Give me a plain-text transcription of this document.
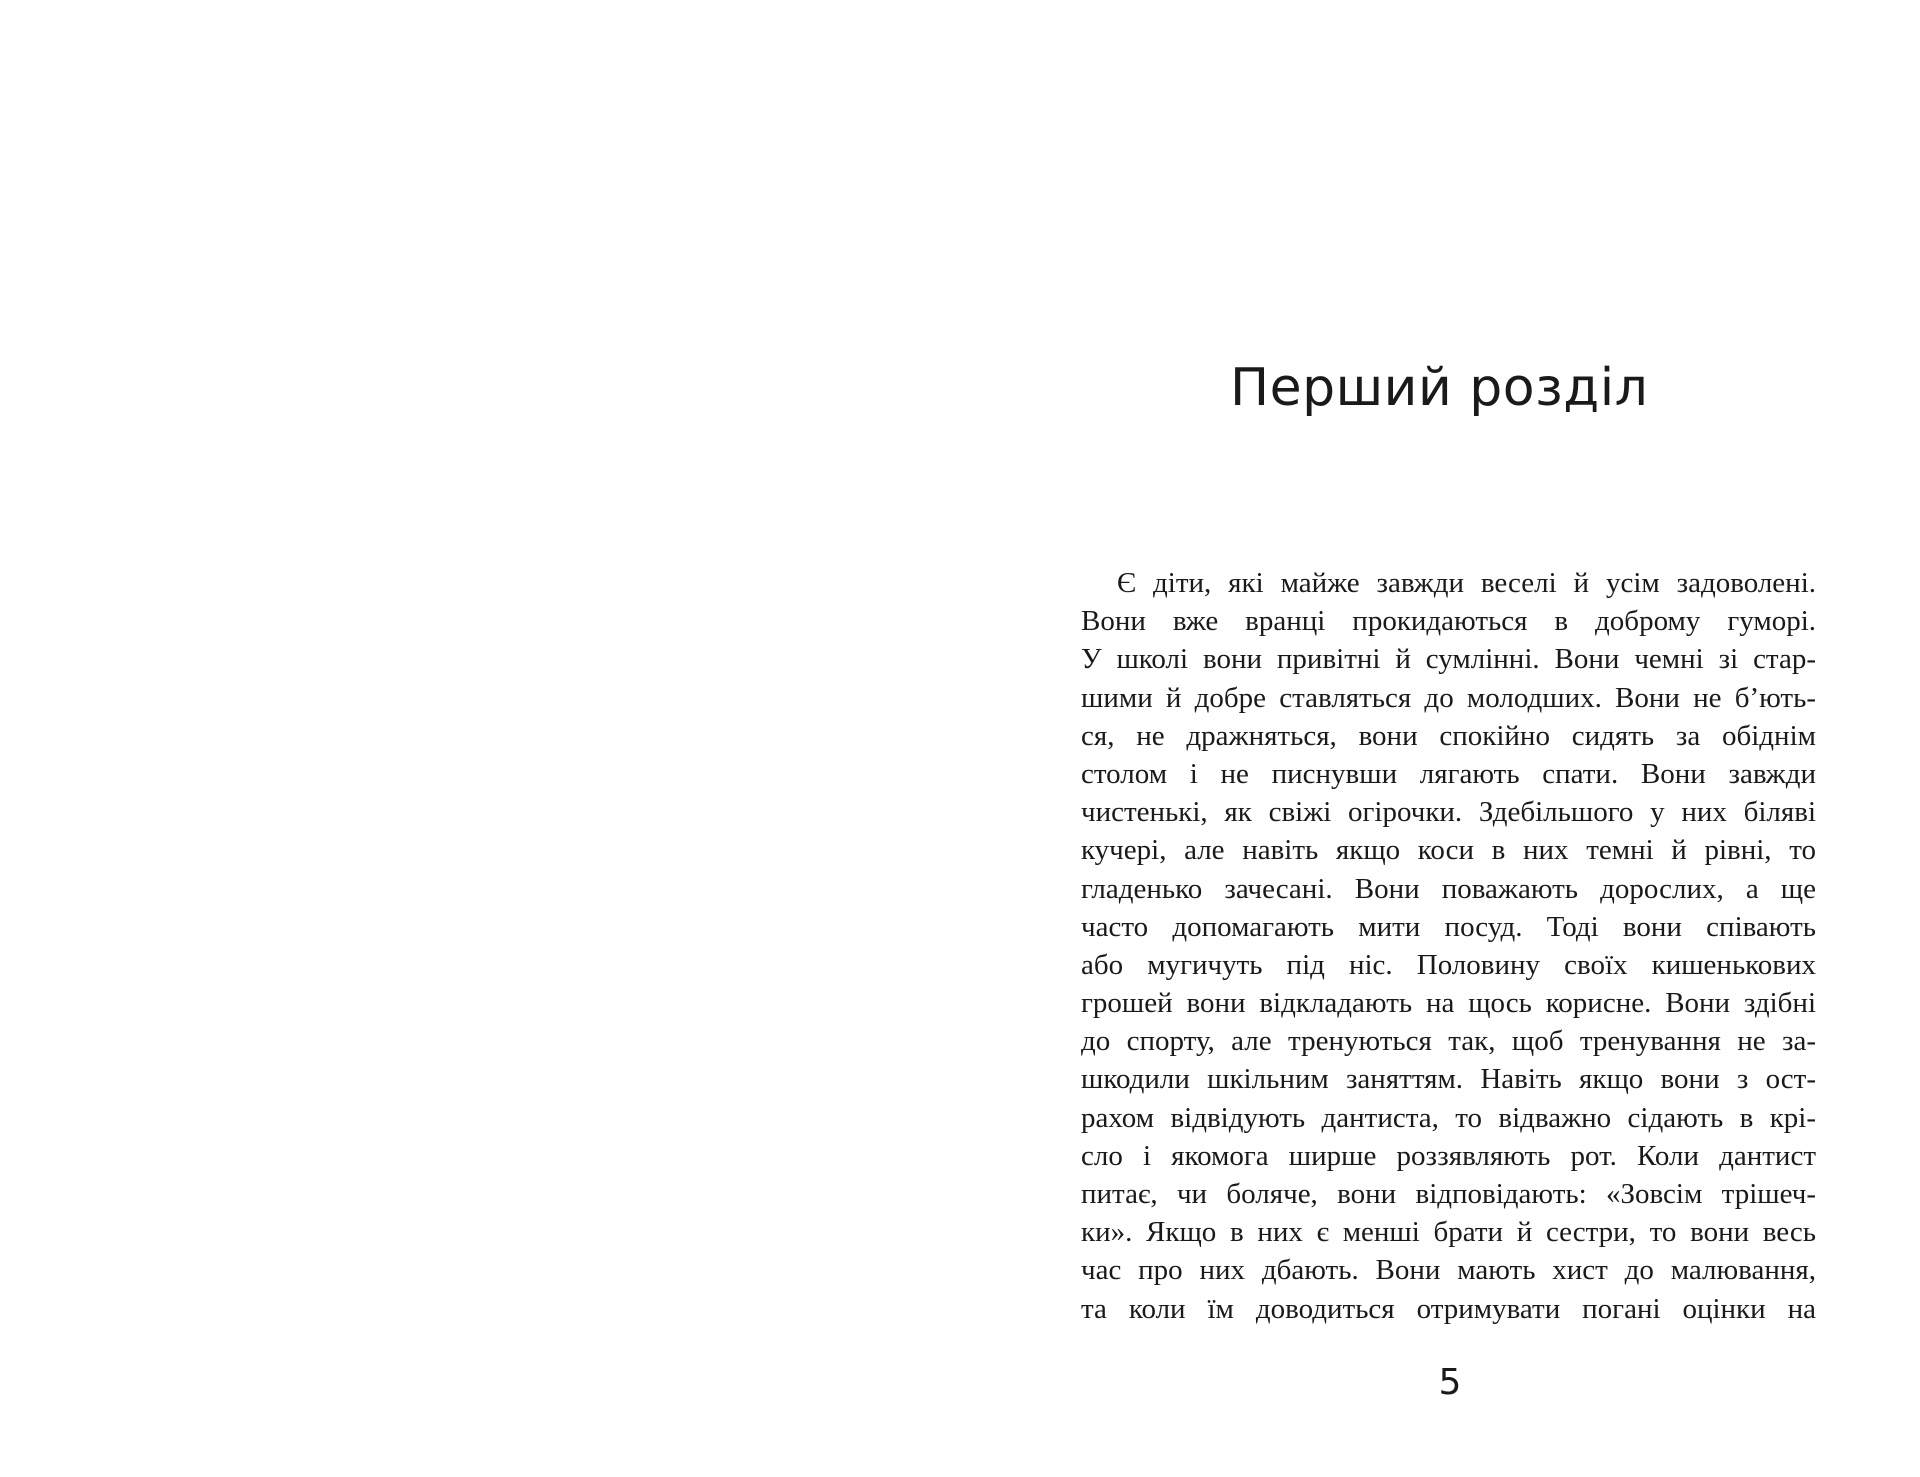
Перший розділ
Є діти, які майже завжди веселі й усім задоволені.
Вони вже вранці прокидаються в доброму гуморі.
У школі вони привітні й сумлінні. Вони чемні зі стар-
шими й добре ставляться до молодших. Вони не б’ють-
ся, не дражняться, вони спокійно сидять за обіднім
столом і не писнувши лягають спати. Вони завжди
чистенькі, як свіжі огірочки. Здебільшого у них біляві
кучері, але навіть якщо коси в них темні й рівні, то
гладенько зачесані. Вони поважають дорослих, а ще
часто допомагають мити посуд. Тоді вони співають
або мугичуть під ніс. Половину своїх кишенькових
грошей вони відкладають на щось корисне. Вони здібні
до спорту, але тренуються так, щоб тренування не за-
шкодили шкільним заняттям. Навіть якщо вони з ост-
рахом відвідують дантиста, то відважно сідають в крі-
сло і якомога ширше роззявляють рот. Коли дантист
питає, чи боляче, вони відповідають: «Зовсім трішеч-
ки». Якщо в них є менші брати й сестри, то вони весь
час про них дбають. Вони мають хист до малювання,
та коли їм доводиться отримувати погані оцінки на
5
